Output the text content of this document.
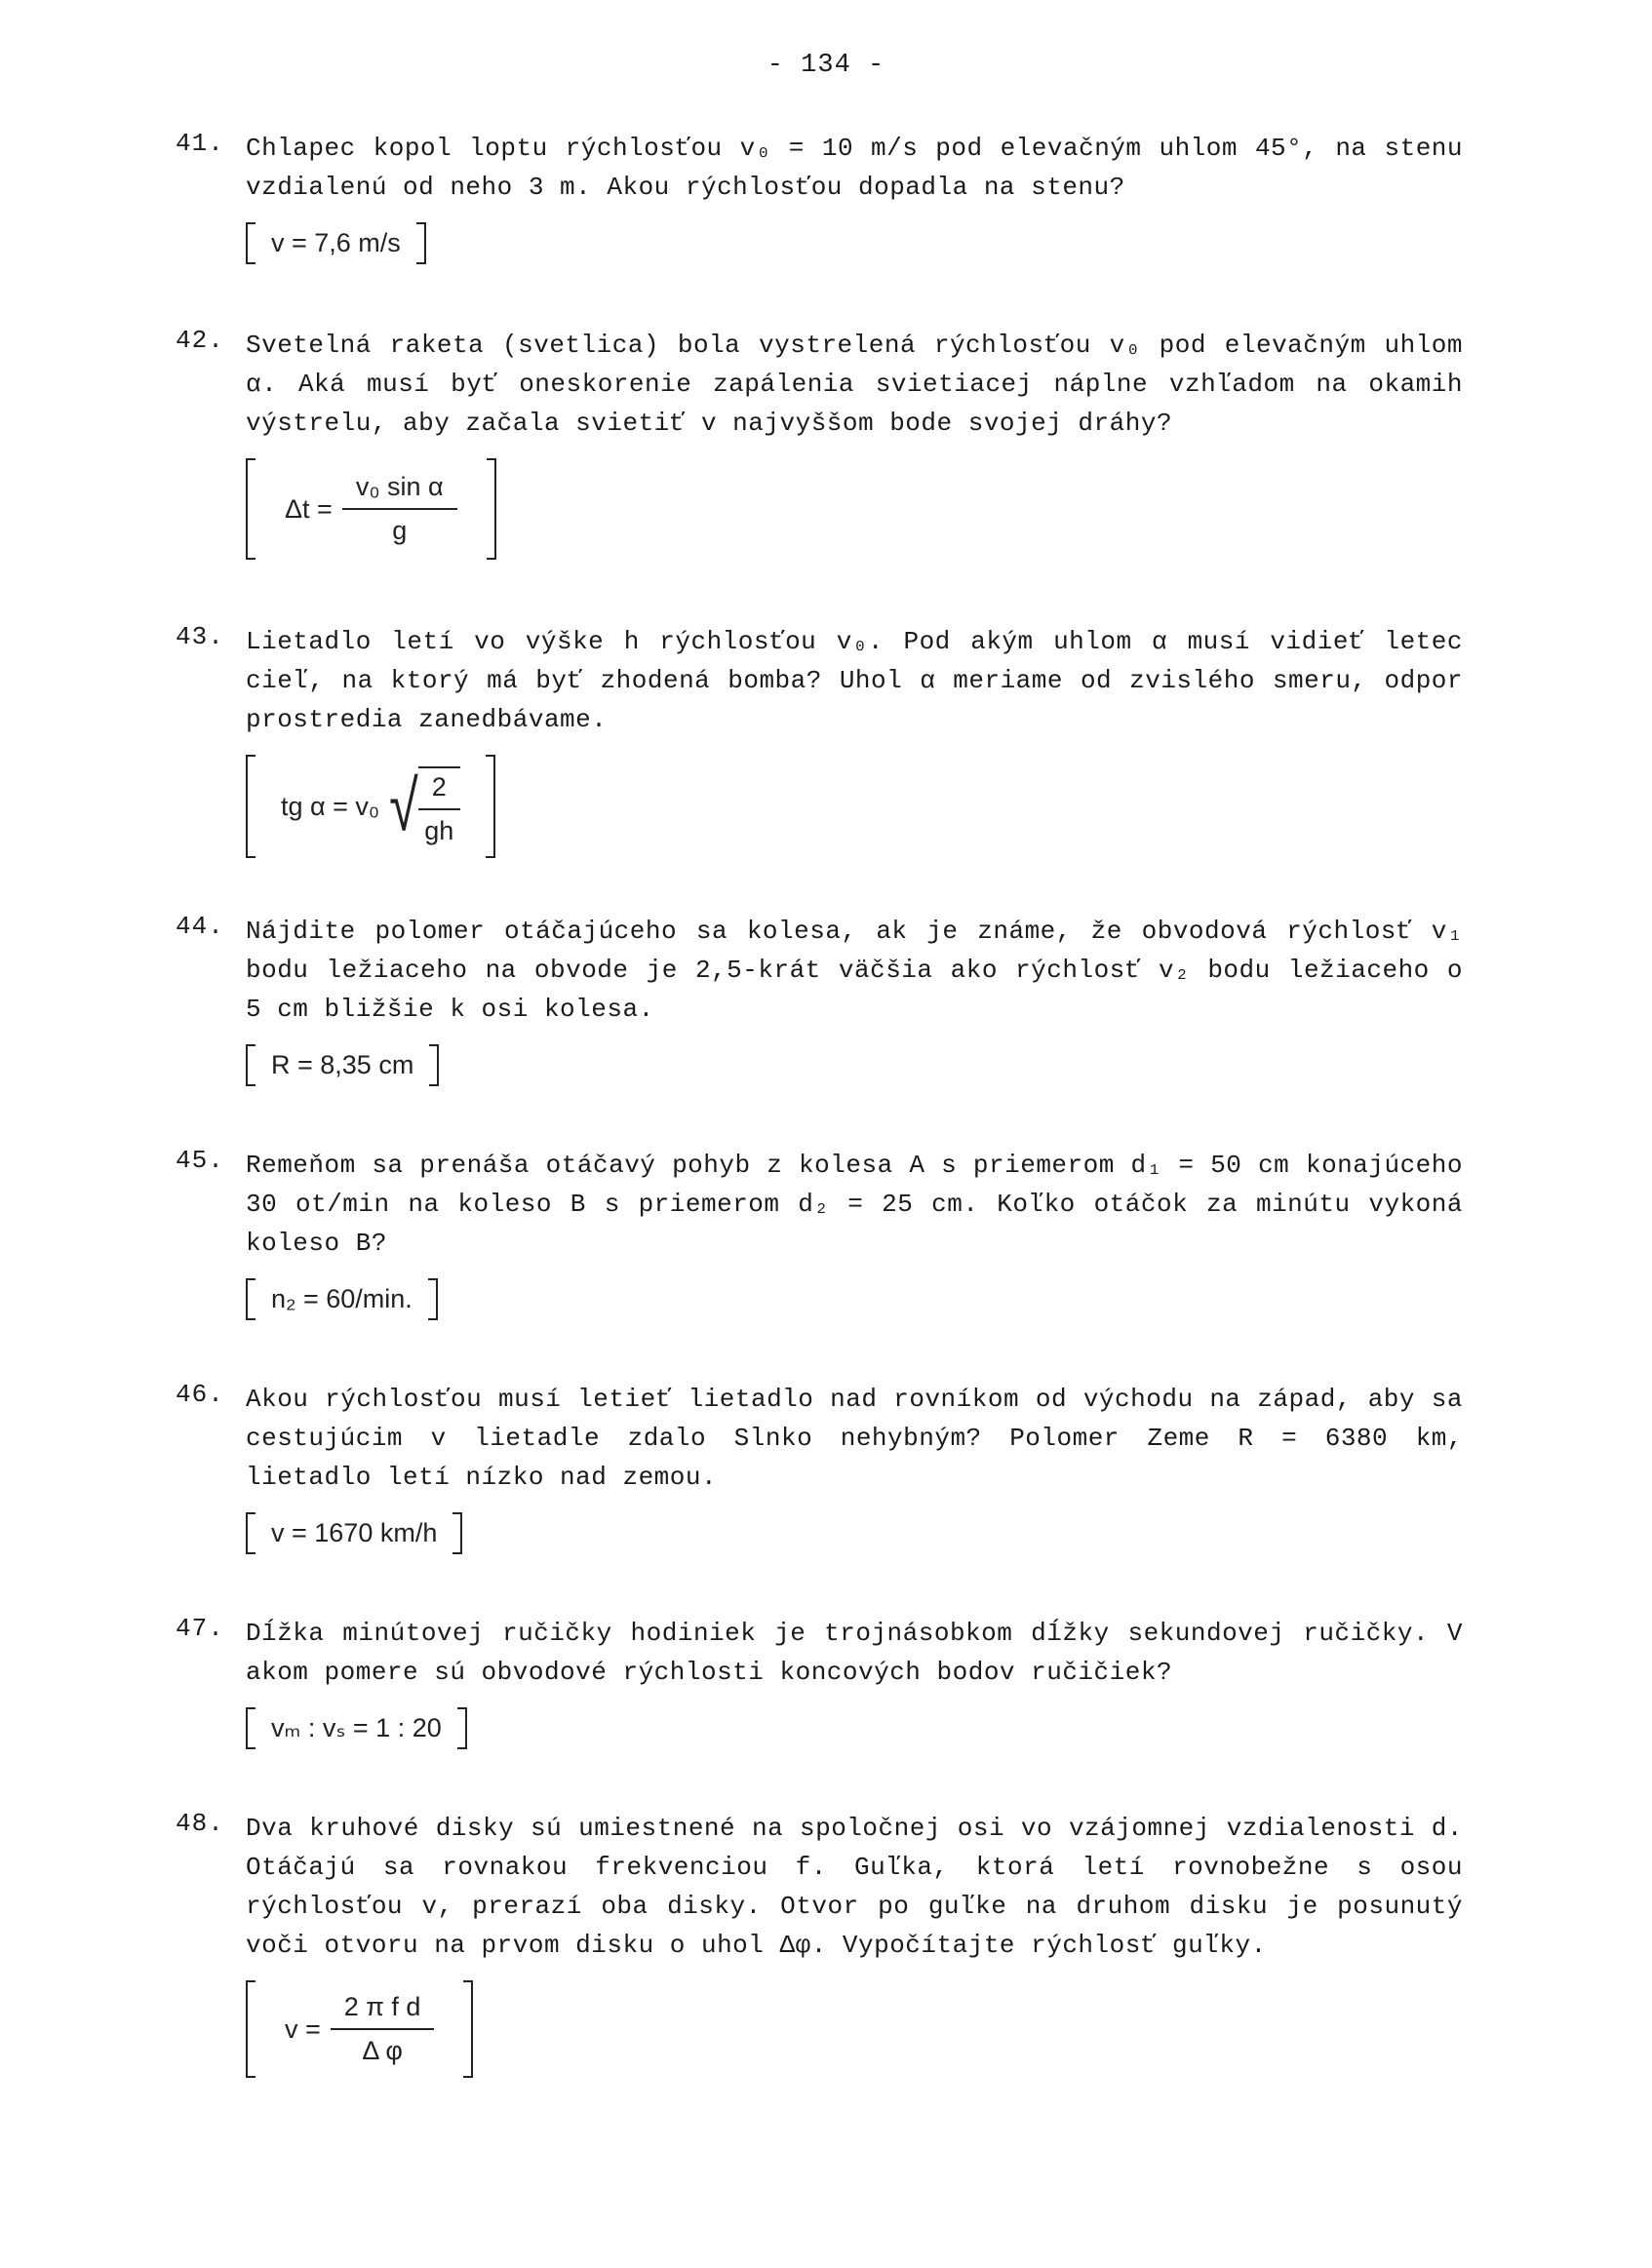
- 134 -
41. Chlapec kopol loptu rýchlosťou v₀ = 10 m/s pod elevačným uhlom 45°, na stenu vzdialenú od neho 3 m. Akou rýchlosťou dopadla na stenu?
v = 7,6 m/s
42. Svetelná raketa (svetlica) bola vystrelená rýchlosťou v₀ pod elevačným uhlom α. Aká musí byť oneskorenie zapálenia svietiacej náplne vzhľadom na okamih výstrelu, aby začala svietiť v najvyššom bode svojej dráhy?
$\Delta t = \frac{\text{v₀ sin α}}{g}$
43. Lietadlo letí vo výške h rýchlosťou v₀. Pod akým uhlom α musí vidieť letec cieľ, na ktorý má byť zhodená bomba? Uhol α meriame od zvislého smeru, odpor prostredia zanedbávame.
tg α = v₀ √ $\frac{2}{gh}$
44. Nájdite polomer otáčajúceho sa kolesa, ak je známe, že obvodová rýchlosť v₁ bodu ležiaceho na obvode je 2,5-krát väčšia ako rýchlosť v₂ bodu ležiaceho o 5 cm bližšie k osi kolesa.
R = 8,35 cm
45. Remeňom sa prenáša otáčavý pohyb z kolesa A s priemerom d₁ = 50 cm konajúceho 30 ot/min na koleso B s priemerom d₂ = 25 cm. Koľko otáčok za minútu vykoná koleso B?
n₂ = 60/min.
46. Akou rýchlosťou musí letieť lietadlo nad rovníkom od východu na západ, aby sa cestujúcim v lietadle zdalo Slnko nehybným? Polomer Zeme R = 6380 km, lietadlo letí nízko nad zemou.
v = 1670 km/h
47. Dĺžka minútovej ručičky hodiniek je trojnásobkom dĺžky sekundovej ručičky. V akom pomere sú obvodové rýchlosti koncových bodov ručičiek?
vₘ : vₛ = 1 : 20
48. Dva kruhové disky sú umiestnené na spoločnej osi vo vzájomnej vzdialenosti d. Otáčajú sa rovnakou frekvenciou f. Guľka, ktorá letí rovnobežne s osou rýchlosťou v, prerazí oba disky. Otvor po guľke na druhom disku je posunutý voči otvoru na prvom disku o uhol Δφ. Vypočítajte rýchlosť guľky.
$v = \frac{\text{2 π f d}}{\text{Δ φ}}$
